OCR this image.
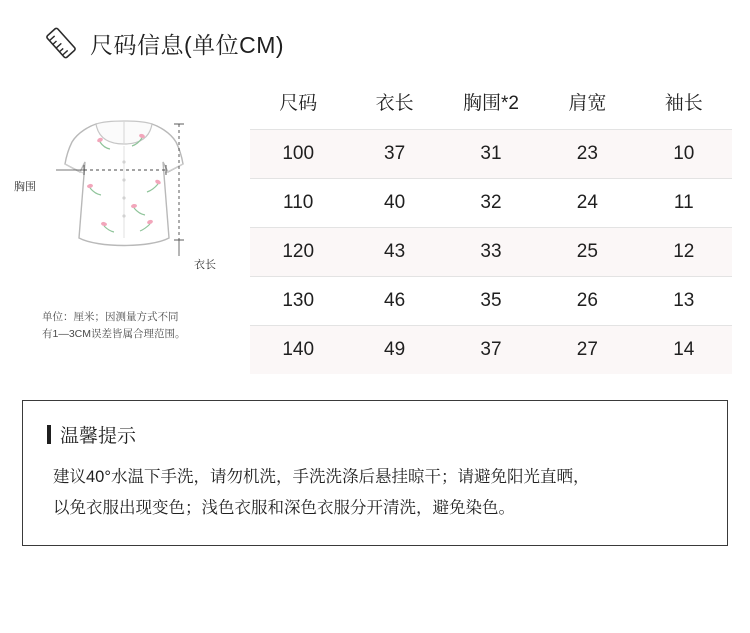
尺码信息(单位CM)
胸围
衣长
单位：厘米；因测量方式不同
有1—3CM误差皆属合理范围。
尺码	衣长	胸围*2	肩宽	袖长
100	37	31	23	10
110	40	32	24	11
120	43	33	25	12
130	46	35	26	13
140	49	37	27	14
温馨提示
建议40°水温下手洗，请勿机洗，手洗洗涤后悬挂晾干；请避免阳光直晒，
以免衣服出现变色；浅色衣服和深色衣服分开清洗，避免染色。
